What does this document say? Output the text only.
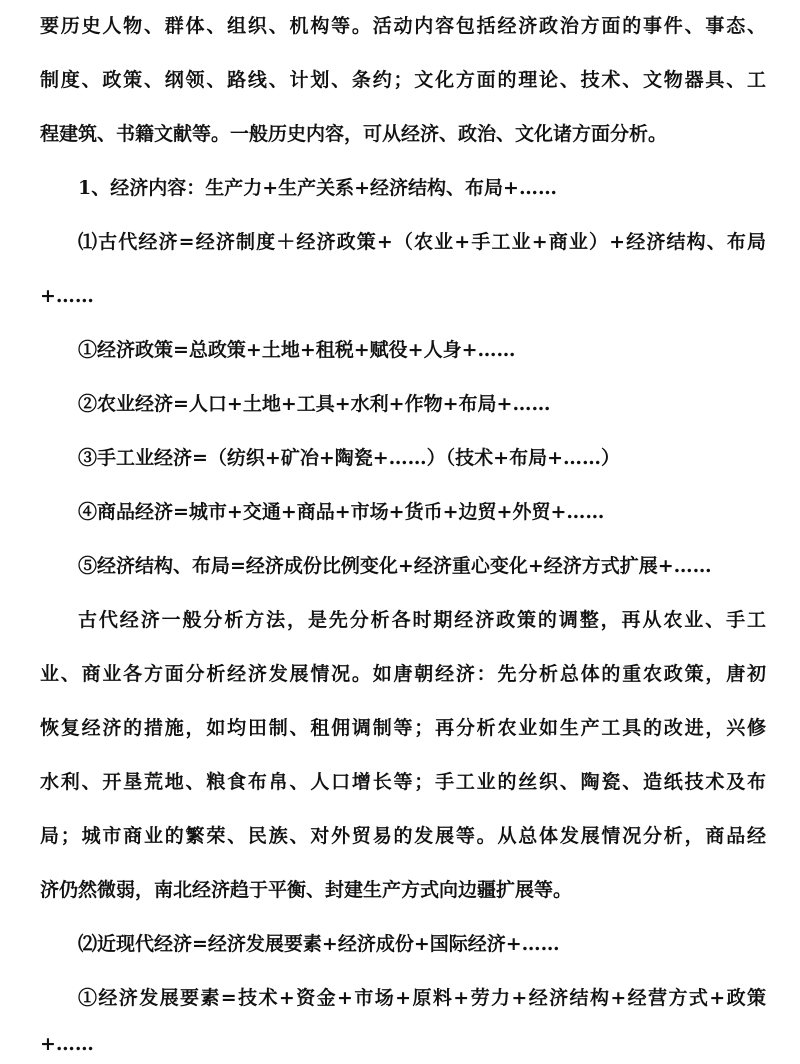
要历史人物、群体、组织、机构等。活动内容包括经济政治方面的事件、事态、
制度、政策、纲领、路线、计划、条约；文化方面的理论、技术、文物器具、工
程建筑、书籍文献等。一般历史内容，可从经济、政治、文化诸方面分析。
1、经济内容：生产力+生产关系+经济结构、布局+……
⑴古代经济=经济制度＋经济政策+（农业+手工业+商业）+经济结构、布局
+……
①经济政策=总政策+土地+租税+赋役+人身+……
②农业经济=人口+土地+工具+水利+作物+布局+……
③手工业经济=（纺织+矿冶+陶瓷+……）（技术+布局+……）
④商品经济=城市+交通+商品+市场+货币+边贸+外贸+……
⑤经济结构、布局=经济成份比例变化+经济重心变化+经济方式扩展+……
古代经济一般分析方法，是先分析各时期经济政策的调整，再从农业、手工
业、商业各方面分析经济发展情况。如唐朝经济：先分析总体的重农政策，唐初
恢复经济的措施，如均田制、租佣调制等；再分析农业如生产工具的改进，兴修
水利、开垦荒地、粮食布帛、人口增长等；手工业的丝织、陶瓷、造纸技术及布
局；城市商业的繁荣、民族、对外贸易的发展等。从总体发展情况分析，商品经
济仍然微弱，南北经济趋于平衡、封建生产方式向边疆扩展等。
⑵近现代经济=经济发展要素+经济成份+国际经济+……
①经济发展要素=技术+资金+市场+原料+劳力+经济结构+经营方式+政策
+……
